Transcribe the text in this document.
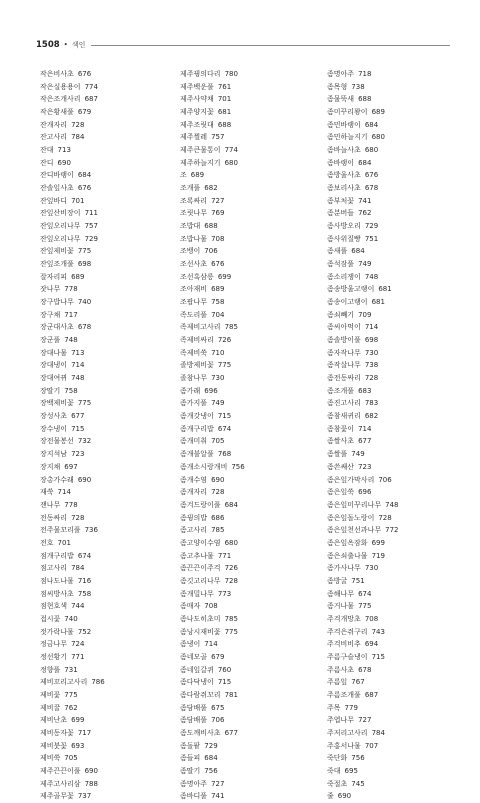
1508 • 색인
작은비사초 676
작은실용용이 774
작은조개사리 687
작은황새풀 679
잔개자리 728
잔고사리 784
잔대 713
잔디 690
잔디바랭이 684
잔솔잎사초 676
잔잎바디 701
잔잎산비장이 711
잔잎오리나무 757
잔잎오리나무 729
잔잎제비꽃 775
잔잎조개풀 698
잘자리피 689
잣나무 778
장구밥나무 740
장구채 717
장군대사초 678
장군풀 748
장대나물 713
장대냉이 714
장대여뀌 748
장딸기 758
장백제비꽃 775
장성사초 677
장수냉이 715
장전물봉선 732
장지석남 723
장지채 697
장총가수래 690
재쑥 714
잰나무 778
전동싸리 728
전주물꼬리풀 736
전호 701
점개구리밥 674
점고사리 784
점나도나물 716
점씨방사초 758
점현호색 744
접시꽃 740
젓가락나물 752
정금나무 724
정선황기 771
정향풀 731
제비꼬리고사리 786
제비꽃 775
제비꿀 762
제비난초 699
제비동자꽃 717
제비붓꽃 693
제비쑥 705
제주끈끈이풀 690
제주고사리삼 788
제주골무꽃 737
제주꿩의다리 780
제주백운풀 761
제주사약채 701
제주양지꽃 681
제주조릿대 688
제주찔레 757
제주큰물통이 774
제주하늘지기 680
조 689
조개풀 682
조록싸리 727
조릿나무 769
조밥대 688
조밥나물 708
조뱅이 706
조선사초 676
조선흑삼릉 699
조아재비 689
조팝나무 758
족도리풀 704
족제비고사리 785
족제비싸리 726
족제비쑥 710
졸방제비꽃 775
졸참나무 730
좀가래 696
좀가지풀 749
좀개갓냉이 715
좀개구리밥 674
좀개미취 705
좀개불알풀 768
좀개소시랑개비 756
좀개수염 690
좀개자리 728
좀겨드랑이풀 684
좀꿩의밥 686
좀고사리 785
좀고양이수염 680
좀고추나물 771
좀끈끈이주걱 726
좀깃고리나무 728
좀개밀나무 773
좀매자 708
좀나도히초미 785
좀낭시재비꽃 775
좀냉이 714
좀네모골 679
좀네잎갈퀴 760
좀다닥냉이 715
좀다람쥐꼬리 781
좀담배풀 675
좀담배풀 706
좀도깨비사초 677
좀돌팥 729
좀들피 684
좀딸기 756
좀명아주 727
좀바디풀 741
좀명아주 718
좀목형 738
좀물뚝새 688
좀미꾸리꽝이 689
좀민바랭이 684
좀민하늘지기 680
좀바늘사초 680
좀바랭이 684
좀방울사초 676
좀보리사초 678
좀부처꽃 741
좀분버들 762
좀사방오리 729
좀사위질빵 751
좀새풀 684
좀석잠풀 749
좀소리쟁이 748
좀송방울고랭이 681
좀송이고랭이 681
좀쇠빼기 709
좀씨아먹이 714
좀솔방이풀 698
좀자작나무 730
좀작살나무 738
좀전동싸리 728
좀조개풀 683
좀진고사리 783
좀참새귀리 682
좀참꽃이 714
좀쌀사초 677
좀쌀풀 749
좀쓴쌔산 723
좀은잎가막사리 706
좀은잎쑥 696
좀은잎미꾸리나무 748
좀은잎돌노랑이 728
좀은잎천선과나무 772
좀은잎옥잠화 699
좀은쇠출나물 719
좀가사나무 730
좀방굴 751
좀해나무 674
좀거나물 775
주걱개망초 708
주걱은쥐구리 743
주걱비비추 694
주름구슬냉이 715
주름사초 678
주름잎 767
주름조개풀 687
주목 779
주엽나무 727
주저리고사리 784
주홍서나물 707
죽단화 756
죽대 695
죽절초 745
줄 690
